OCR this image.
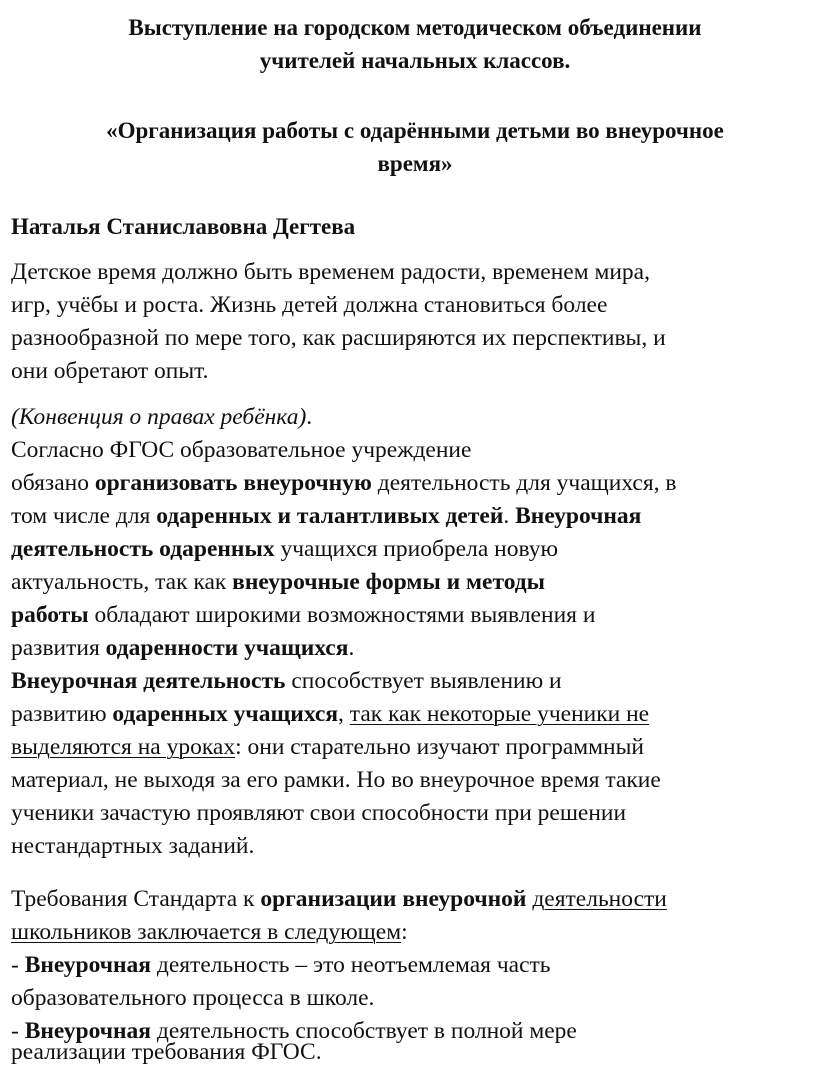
Выступление на городском методическом объединении
учителей начальных классов.
«Организация работы с одарёнными детьми во внеурочное
время»
Наталья Станиславовна Дегтева
Детское время должно быть временем радости, временем мира,
игр, учёбы и роста. Жизнь детей должна становиться более
разнообразной по мере того, как расширяются их перспективы, и
они обретают опыт.
(Конвенция о правах ребёнка).
Согласно ФГОС образовательное учреждение
обязано организовать внеурочную деятельность для учащихся, в
том числе для одаренных и талантливых детей. Внеурочная
деятельность одаренных учащихся приобрела новую
актуальность, так как внеурочные формы и методы
работы обладают широкими возможностями выявления и
развития одаренности учащихся.
Внеурочная деятельность способствует выявлению и
развитию одаренных учащихся, так как некоторые ученики не
выделяются на уроках: они старательно изучают программный
материал, не выходя за его рамки. Но во внеурочное время такие
ученики зачастую проявляют свои способности при решении
нестандартных заданий.
Требования Стандарта к организации внеурочной деятельности
школьников заключается в следующем:
- Внеурочная деятельность – это неотъемлемая часть
образовательного процесса в школе.
- Внеурочная деятельность способствует в полной мере
реализации требования ФГОС.
